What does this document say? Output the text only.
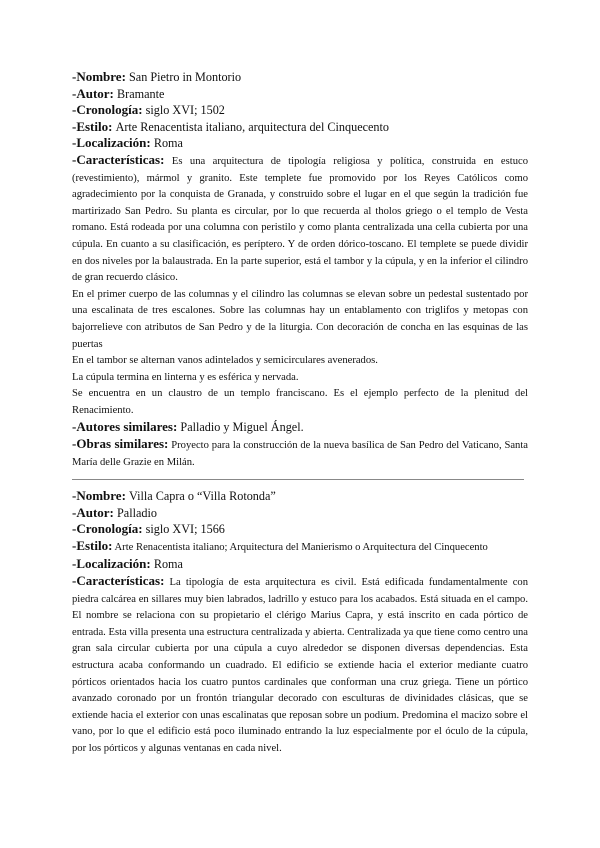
-Nombre: San Pietro in Montorio

-Autor: Bramante

-Cronología: siglo XVI; 1502

-Estilo: Arte Renacentista italiano, arquitectura del Cinquecento

-Localización: Roma

-Características: Es una arquitectura de tipología religiosa y política, construida en estuco (revestimiento), mármol y granito. Este templete fue promovido por los Reyes Católicos como agradecimiento por la conquista de Granada, y construido sobre el lugar en el que según la tradición fue martirizado San Pedro. Su planta es circular, por lo que recuerda al tholos griego o el templo de Vesta romano. Está rodeada por una columna con peristilo y como planta centralizada una cella cubierta por una cúpula. En cuanto a su clasificación, es períptero. Y de orden dórico-toscano. El templete se puede dividir en dos niveles por la balaustrada. En la parte superior, está el tambor y la cúpula, y en la inferior el cilindro de gran recuerdo clásico.

En el primer cuerpo de las columnas y el cilindro las columnas se elevan sobre un pedestal sustentado por una escalinata de tres escalones. Sobre las columnas hay un entablamento con triglifos y metopas con bajorrelieve con atributos de San Pedro y de la liturgia. Con decoración de concha en las esquinas de las puertas

En el tambor se alternan vanos adintelados y semicirculares avenerados.

La cúpula termina en linterna y es esférica y nervada.

Se encuentra en un claustro de un templo franciscano. Es el ejemplo perfecto de la plenitud del Renacimiento.

-Autores similares: Palladio y Miguel Ángel.

-Obras similares: Proyecto para la construcción de la nueva basílica de San Pedro del Vaticano, Santa María delle Grazie en Milán.

-Nombre: Villa Capra o “Villa Rotonda”

-Autor: Palladio

-Cronología: siglo XVI; 1566

-Estilo: Arte Renacentista italiano; Arquitectura del Manierismo o Arquitectura del Cinquecento

-Localización: Roma

-Características: La tipología de esta arquitectura es civil. Está edificada fundamentalmente con piedra calcárea en sillares muy bien labrados, ladrillo y estuco para los acabados. Está situada en el campo. El nombre se relaciona con su propietario el clérigo Marius Capra, y está inscrito en cada pórtico de entrada. Esta villa presenta una estructura centralizada y abierta. Centralizada ya que tiene como centro una gran sala circular cubierta por una cúpula a cuyo alrededor se disponen diversas dependencias. Esta estructura acaba conformando un cuadrado. El edificio se extiende hacia el exterior mediante cuatro pórticos orientados hacia los cuatro puntos cardinales que conforman una cruz griega. Tiene un pórtico avanzado coronado por un frontón triangular decorado con esculturas de divinidades clásicas, que se extiende hacia el exterior con unas escalinatas que reposan sobre un podium. Predomina el macizo sobre el vano, por lo que el edificio está poco iluminado entrando la luz especialmente por el óculo de la cúpula, por los pórticos y algunas ventanas en cada nivel.
